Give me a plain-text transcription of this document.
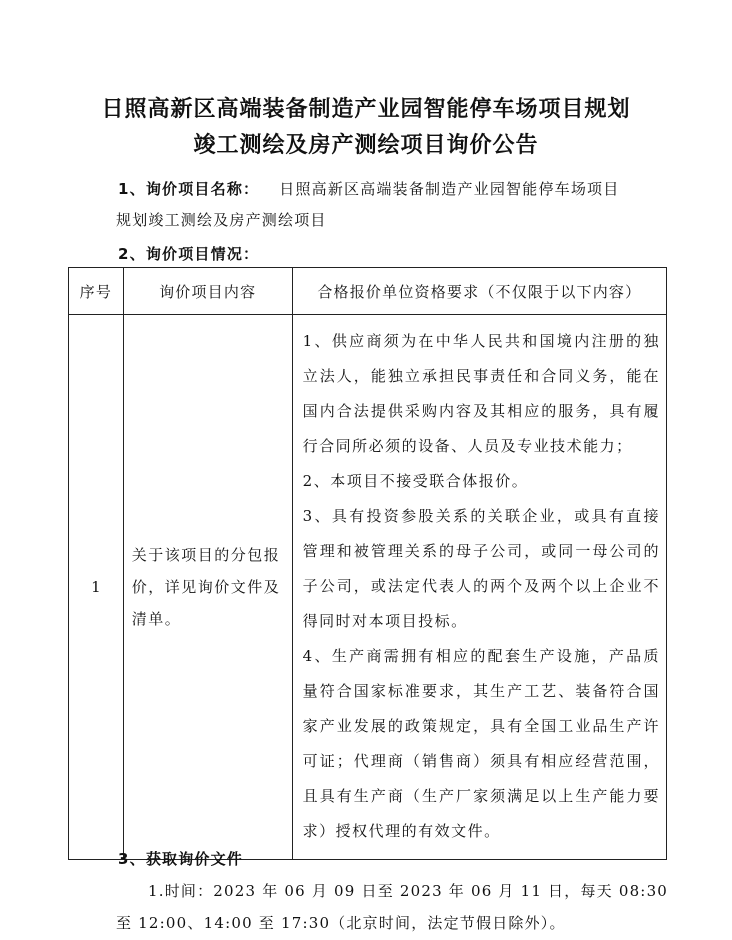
日照高新区高端装备制造产业园智能停车场项目规划
竣工测绘及房产测绘项目询价公告
1、询价项目名称： 日照高新区高端装备制造产业园智能停车场项目
规划竣工测绘及房产测绘项目
2、询价项目情况：
序号	询价项目内容	合格报价单位资格要求（不仅限于以下内容）
1	关于该项目的分包报价，详见询价文件及清单。	1、供应商须为在中华人民共和国境内注册的独立法人，能独立承担民事责任和合同义务，能在国内合法提供采购内容及其相应的服务，具有履行合同所必须的设备、人员及专业技术能力；
2、本项目不接受联合体报价。
3、具有投资参股关系的关联企业，或具有直接管理和被管理关系的母子公司，或同一母公司的子公司，或法定代表人的两个及两个以上企业不得同时对本项目投标。
4、生产商需拥有相应的配套生产设施，产品质量符合国家标准要求，其生产工艺、装备符合国家产业发展的政策规定，具有全国工业品生产许可证；代理商（销售商）须具有相应经营范围，且具有生产商（生产厂家须满足以上生产能力要求）授权代理的有效文件。
3、获取询价文件
1.时间：2023 年 06 月 09 日至 2023 年 06 月 11 日，每天 08:30
至 12:00、14:00 至 17:30（北京时间，法定节假日除外）。
